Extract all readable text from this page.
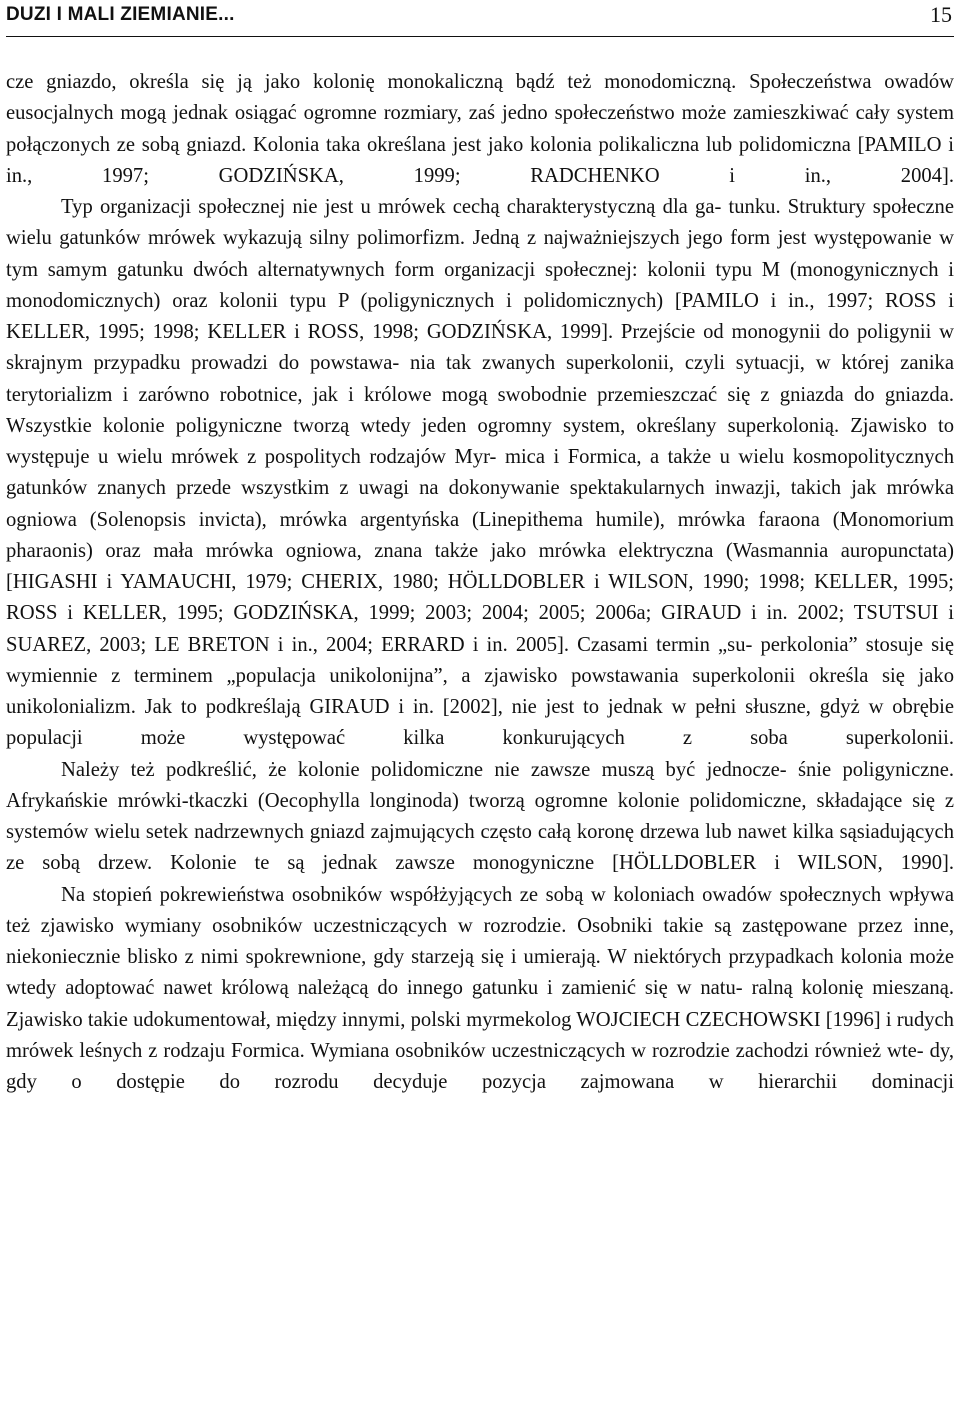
DUZI I MALI ZIEMIANIE...	15

cze gniazdo, określa się ją jako kolonię monokaliczną bądź też monodomiczną. Społeczeństwa owadów eusocjalnych mogą jednak osiągać ogromne rozmiary, zaś jedno społeczeństwo może zamieszkiwać cały system połączonych ze sobą gniazd. Kolonia taka określana jest jako kolonia polikaliczna lub polidomiczna [PAMILO i in., 1997; GODZIŃSKA, 1999; RADCHENKO i in., 2004].

Typ organizacji społecznej nie jest u mrówek cechą charakterystyczną dla ga- tunku. Struktury społeczne wielu gatunków mrówek wykazują silny polimorfizm. Jedną z najważniejszych jego form jest występowanie w tym samym gatunku dwóch alternatywnych form organizacji społecznej: kolonii typu M (monogynicznych i monodomicznych) oraz kolonii typu P (poligynicznych i polidomicznych) [PAMILO i in., 1997; ROSS i KELLER, 1995; 1998; KELLER i ROSS, 1998; GODZIŃSKA, 1999]. Przejście od monogynii do poligynii w skrajnym przypadku prowadzi do powstawa- nia tak zwanych superkolonii, czyli sytuacji, w której zanika terytorializm i zarówno robotnice, jak i królowe mogą swobodnie przemieszczać się z gniazda do gniazda. Wszystkie kolonie poligyniczne tworzą wtedy jeden ogromny system, określany superkolonią. Zjawisko to występuje u wielu mrówek z pospolitych rodzajów Myr- mica i Formica, a także u wielu kosmopolitycznych gatunków znanych przede wszystkim z uwagi na dokonywanie spektakularnych inwazji, takich jak mrówka ogniowa (Solenopsis invicta), mrówka argentyńska (Linepithema humile), mrówka faraona (Monomorium pharaonis) oraz mała mrówka ogniowa, znana także jako mrówka elektryczna (Wasmannia auropunctata) [HIGASHI i YAMAUCHI, 1979; CHERIX, 1980; HÖLLDOBLER i WILSON, 1990; 1998; KELLER, 1995; ROSS i KELLER, 1995; GODZIŃSKA, 1999; 2003; 2004; 2005; 2006a; GIRAUD i in. 2002; TSUTSUI i SUAREZ, 2003; LE BRETON i in., 2004; ERRARD i in. 2005]. Czasami termin „su- perkolonia” stosuje się wymiennie z terminem „populacja unikolonijna”, a zjawisko powstawania superkolonii określa się jako unikolonializm. Jak to podkreślają GIRAUD i in. [2002], nie jest to jednak w pełni słuszne, gdyż w obrębie populacji może występować kilka konkurujących z soba superkolonii.

Należy też podkreślić, że kolonie polidomiczne nie zawsze muszą być jednocze- śnie poligyniczne. Afrykańskie mrówki-tkaczki (Oecophylla longinoda) tworzą ogromne kolonie polidomiczne, składające się z systemów wielu setek nadrzewnych gniazd zajmujących często całą koronę drzewa lub nawet kilka sąsiadujących ze sobą drzew. Kolonie te są jednak zawsze monogyniczne [HÖLLDOBLER i WILSON, 1990].

Na stopień pokrewieństwa osobników współżyjących ze sobą w koloniach owadów społecznych wpływa też zjawisko wymiany osobników uczestniczących w rozrodzie. Osobniki takie są zastępowane przez inne, niekoniecznie blisko z nimi spokrewnione, gdy starzeją się i umierają. W niektórych przypadkach kolonia może wtedy adoptować nawet królową należącą do innego gatunku i zamienić się w natu- ralną kolonię mieszaną. Zjawisko takie udokumentował, między innymi, polski myrmekolog WOJCIECH CZECHOWSKI [1996] i rudych mrówek leśnych z rodzaju Formica. Wymiana osobników uczestniczących w rozrodzie zachodzi również wte- dy, gdy o dostępie do rozrodu decyduje pozycja zajmowana w hierarchii dominacji
